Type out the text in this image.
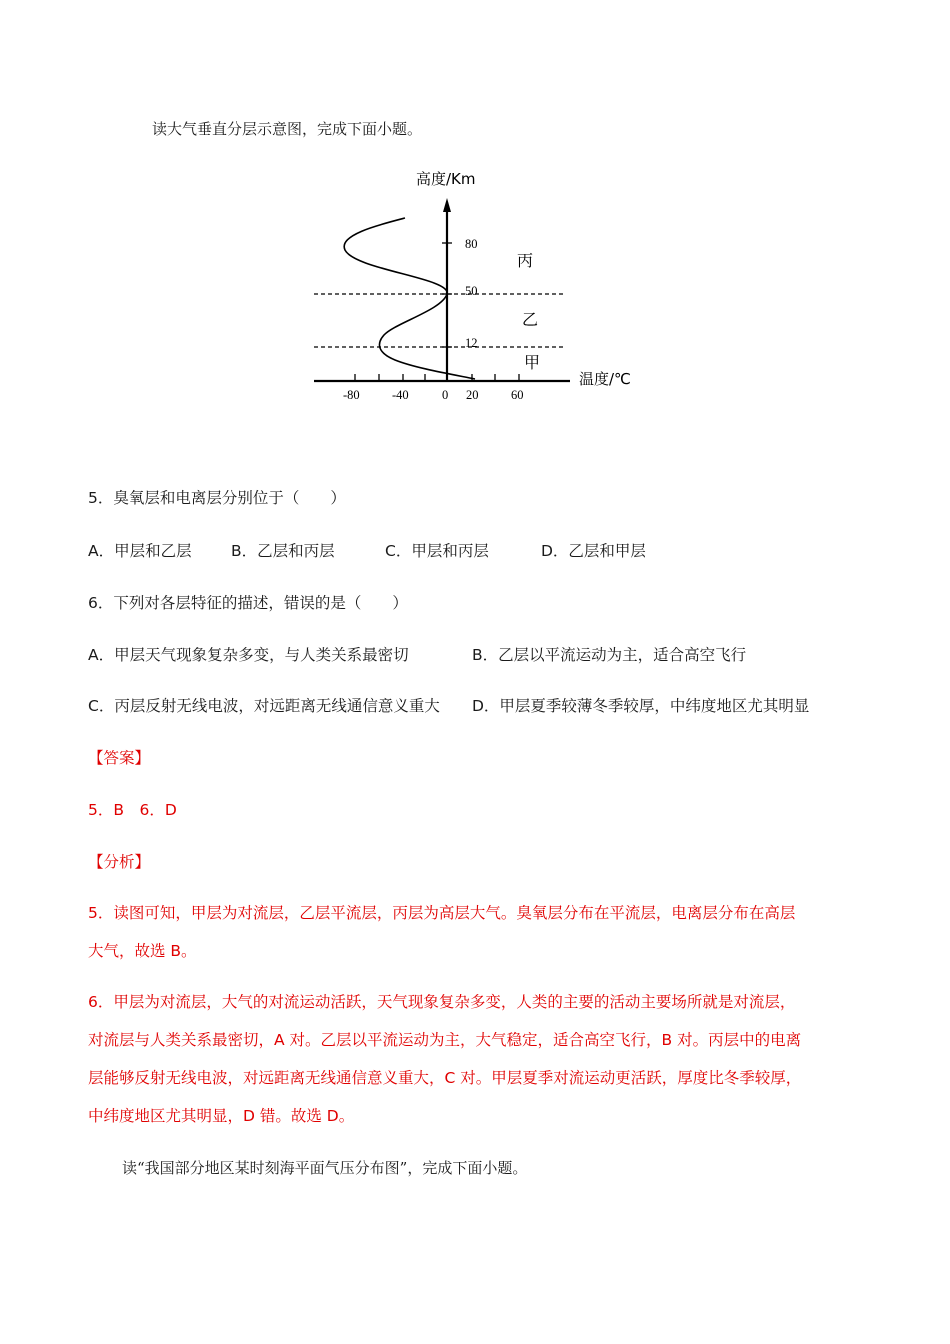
读大气垂直分层示意图，完成下面小题。
高度/Km
温度/℃
80
50
12
-80	-40	0 20	60
丙
乙
甲
5．臭氧层和电离层分别位于（　　）
A．甲层和乙层	B．乙层和丙层	C．甲层和丙层	D．乙层和甲层
6．下列对各层特征的描述，错误的是（　　）
A．甲层天气现象复杂多变，与人类关系最密切	B．乙层以平流运动为主，适合高空飞行
C．丙层反射无线电波，对远距离无线通信意义重大 D．甲层夏季较薄冬季较厚，中纬度地区尤其明显
【答案】
5．B　6．D
【分析】
5．读图可知，甲层为对流层，乙层平流层，丙层为高层大气。臭氧层分布在平流层，电离层分布在高层
大气，故选 B。
6．甲层为对流层，大气的对流运动活跃，天气现象复杂多变，人类的主要的活动主要场所就是对流层，
对流层与人类关系最密切，A 对。乙层以平流运动为主，大气稳定，适合高空飞行，B 对。丙层中的电离
层能够反射无线电波，对远距离无线通信意义重大，C 对。甲层夏季对流运动更活跃，厚度比冬季较厚，
中纬度地区尤其明显，D 错。故选 D。
读“我国部分地区某时刻海平面气压分布图”，完成下面小题。
